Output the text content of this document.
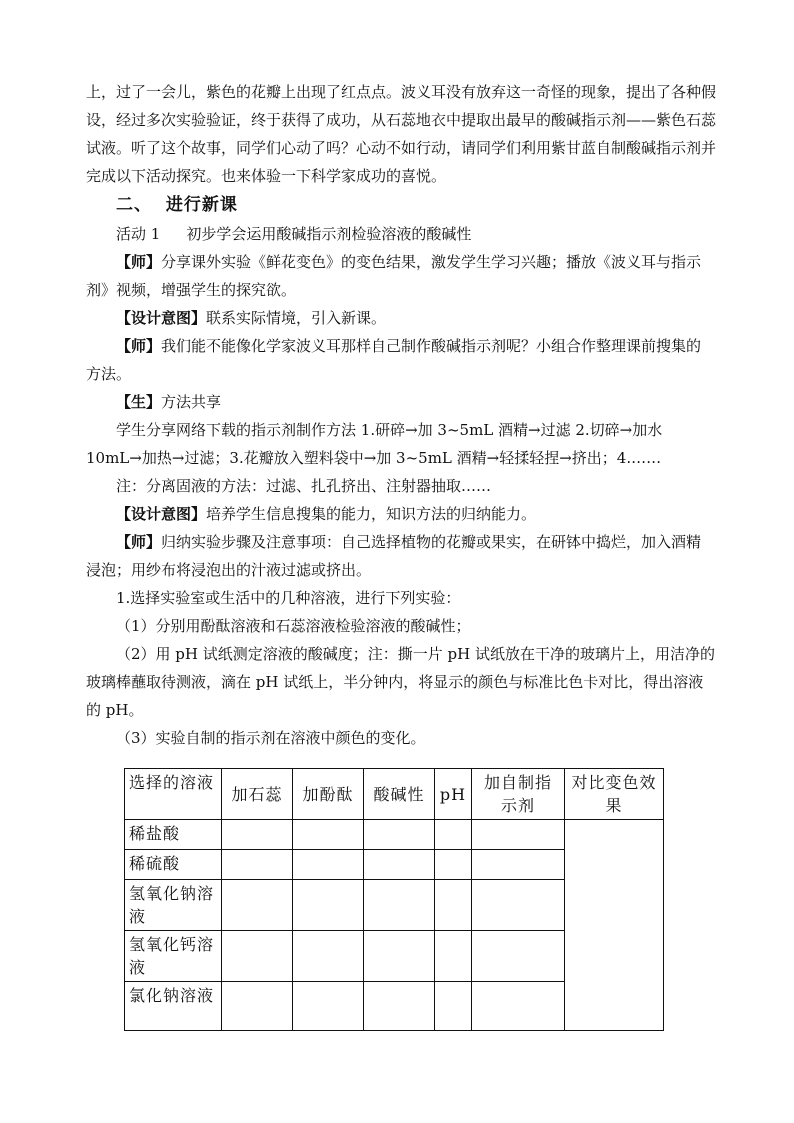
上，过了一会儿，紫色的花瓣上出现了红点点。波义耳没有放弃这一奇怪的现象，提出了各种假设，经过多次实验验证，终于获得了成功，从石蕊地衣中提取出最早的酸碱指示剂——紫色石蕊试液。听了这个故事，同学们心动了吗？心动不如行动，请同学们利用紫甘蓝自制酸碱指示剂并完成以下活动探究。也来体验一下科学家成功的喜悦。

二、  进行新课

活动 1 初步学会运用酸碱指示剂检验溶液的酸碱性

【师】分享课外实验《鲜花变色》的变色结果，激发学生学习兴趣；播放《波义耳与指示剂》视频，增强学生的探究欲。

【设计意图】联系实际情境，引入新课。

【师】我们能不能像化学家波义耳那样自己制作酸碱指示剂呢？小组合作整理课前搜集的方法。

【生】方法共享

学生分享网络下载的指示剂制作方法 1.研碎→加 3~5mL 酒精→过滤 2.切碎→加水 10mL→加热→过滤；3.花瓣放入塑料袋中→加 3~5mL 酒精→轻揉轻捏→挤出；4.……

注：分离固液的方法：过滤、扎孔挤出、注射器抽取……

【设计意图】培养学生信息搜集的能力，知识方法的归纳能力。

【师】归纳实验步骤及注意事项：自己选择植物的花瓣或果实，在研钵中捣烂，加入酒精浸泡；用纱布将浸泡出的汁液过滤或挤出。

1.选择实验室或生活中的几种溶液，进行下列实验：

（1）分别用酚酞溶液和石蕊溶液检验溶液的酸碱性；

（2）用 pH 试纸测定溶液的酸碱度；注：撕一片 pH 试纸放在干净的玻璃片上，用洁净的玻璃棒蘸取待测液，滴在 pH 试纸上，半分钟内，将显示的颜色与标准比色卡对比，得出溶液的 pH。

（3）实验自制的指示剂在溶液中颜色的变化。

选择的溶液	加石蕊	加酚酞	酸碱性	pH	加自制指示剂	对比变色效果
稀盐酸						
稀硫酸						
氢氧化钠溶液						
氢氧化钙溶液						
氯化钠溶液						
